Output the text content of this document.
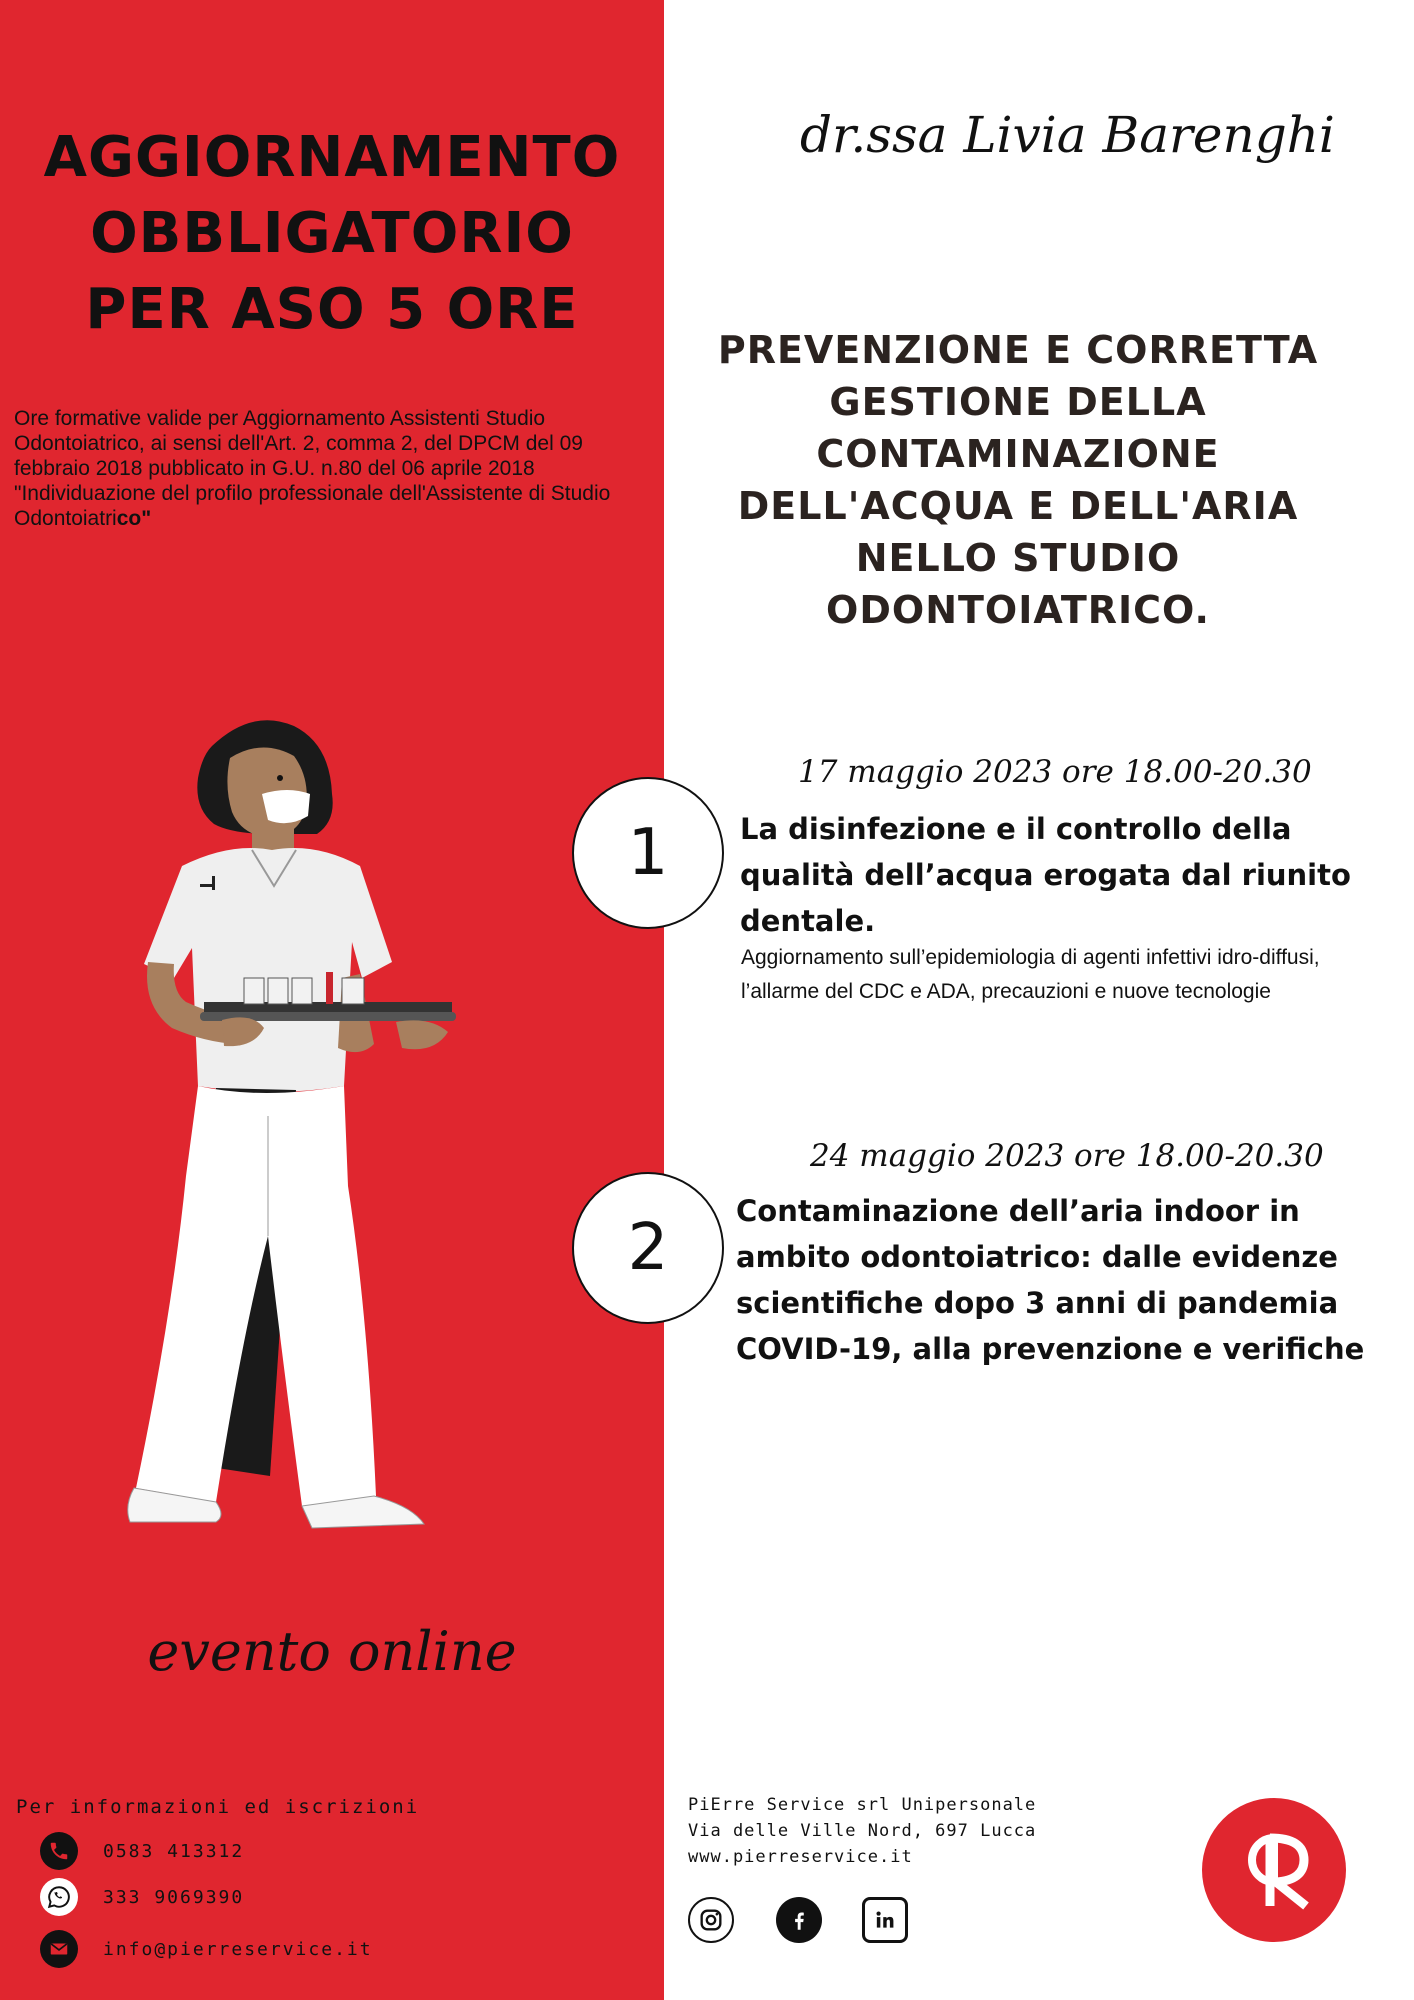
AGGIORNAMENTO
OBBLIGATORIO
PER ASO 5 ORE

Ore formative valide per Aggiornamento Assistenti Studio Odontoiatrico, ai sensi dell'Art. 2, comma 2, del DPCM del 09 febbraio 2018 pubblicato in G.U. n.80 del 06 aprile 2018 "Individuazione del profilo professionale dell'Assistente di Studio Odontoiatrico"

evento online

Per informazioni ed iscrizioni

0583 413312
333 9069390
info@pierreservice.it

dr.ssa Livia Barenghi

PREVENZIONE E CORRETTA
GESTIONE DELLA
CONTAMINAZIONE
DELL'ACQUA E DELL'ARIA
NELLO STUDIO
ODONTOIATRICO.

17 maggio 2023 ore 18.00-20.30

1	La disinfezione e il controllo della qualità dell’acqua erogata dal riunito dentale.

Aggiornamento sull’epidemiologia di agenti infettivi idro-diffusi, l’allarme del CDC e ADA, precauzioni e nuove tecnologie

24 maggio 2023 ore 18.00-20.30

2	Contaminazione dell’aria indoor in ambito odontoiatrico: dalle evidenze scientifiche dopo 3 anni di pandemia COVID-19, alla prevenzione e verifiche

PiErre Service srl Unipersonale
Via delle Ville Nord, 697 Lucca
www.pierreservice.it
